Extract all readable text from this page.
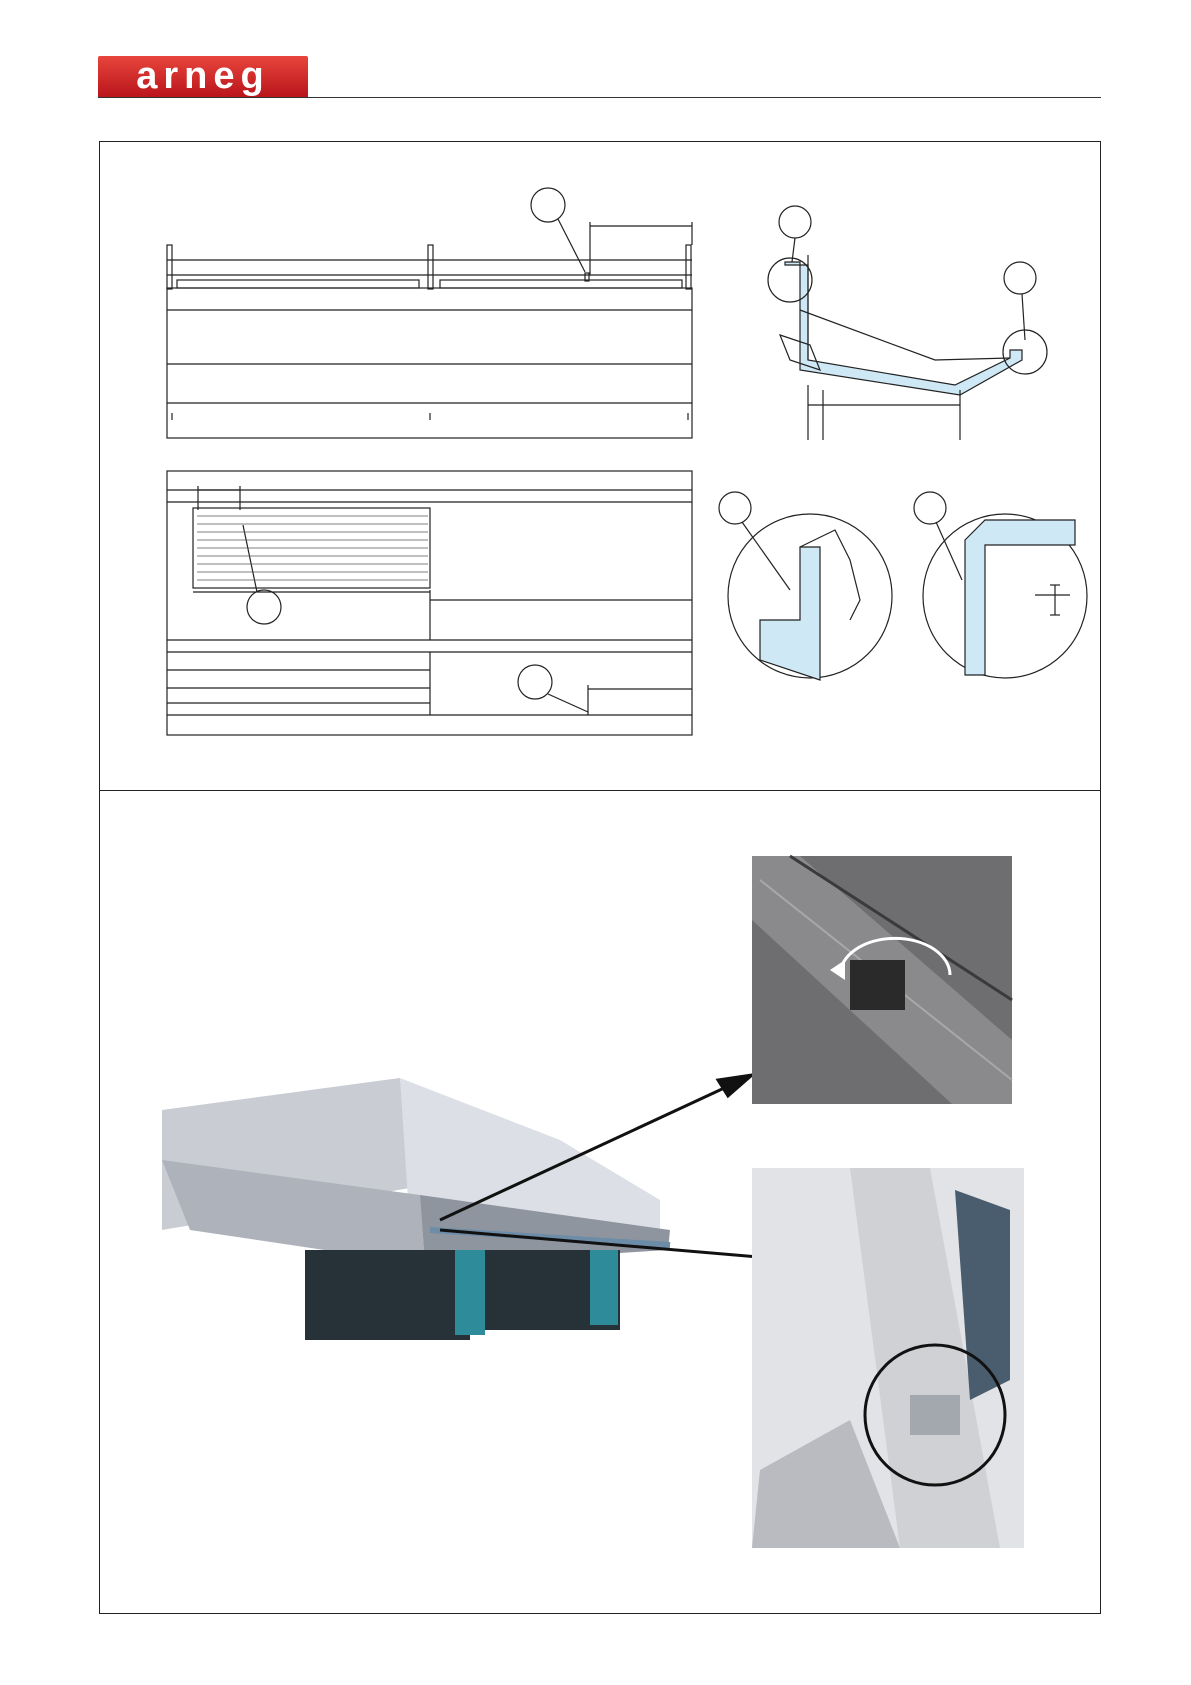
arneg
